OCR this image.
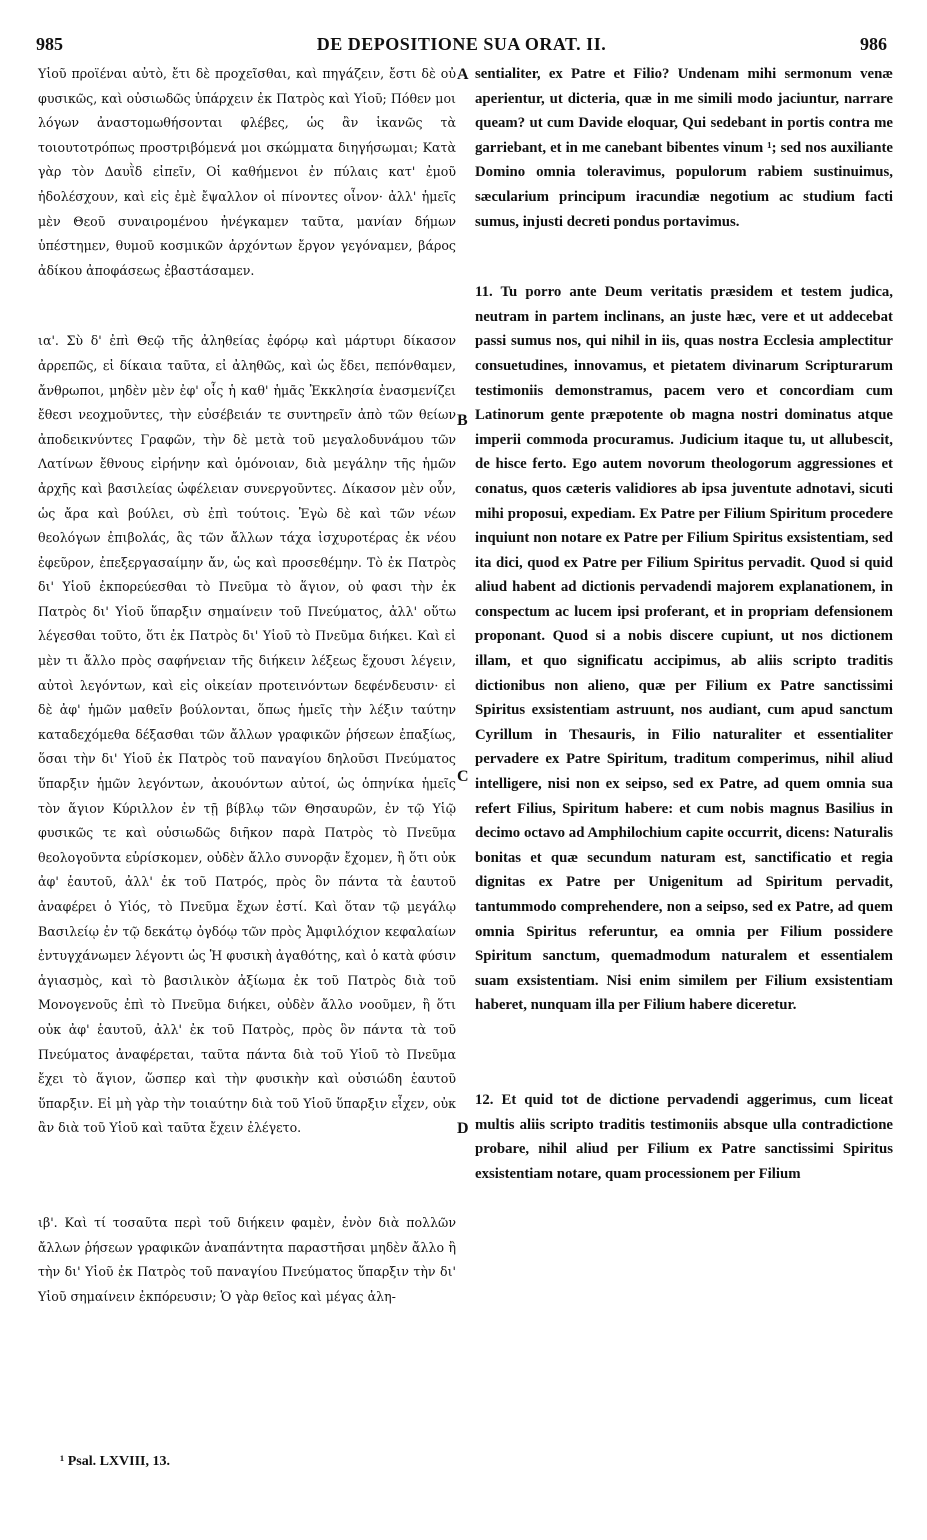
985	DE DEPOSITIONE SUA ORAT. II.	986

Υἱοῦ προϊέναι αὐτὸ, ἔτι δὲ προχεῖσθαι, καὶ πηγάζειν, ἔστι δὲ οὐ φυσικῶς, καὶ οὐσιωδῶς ὑπάρχειν ἐκ Πατρὸς καὶ Υἱοῦ; Πόθεν μοι λόγων ἀναστομωθήσονται φλέβες, ὡς ἂν ἱκανῶς τὰ τοιουτοτρόπως προστριβόμενά μοι σκώμματα διηγήσωμαι; Κατὰ γὰρ τὸν Δαυῒδ εἰπεῖν, Οἱ καθήμενοι ἐν πύλαις κατ' ἐμοῦ ἠδολέσχουν, καὶ εἰς ἐμὲ ἔψαλλον οἱ πίνοντες οἶνον· ἀλλ' ἡμεῖς μὲν Θεοῦ συναιρομένου ἠνέγκαμεν ταῦτα, μανίαν δήμων ὑπέστημεν, θυμοῦ κοσμικῶν ἀρχόντων ἔργον γεγόναμεν, βάρος ἀδίκου ἀποφάσεως ἐβαστάσαμεν.

ια'. Σὺ δ' ἐπὶ Θεῷ τῆς ἀληθείας ἐφόρῳ καὶ μάρτυρι δίκασον ἀρρεπῶς, εἰ δίκαια ταῦτα, εἰ ἀληθῶς, καὶ ὡς ἔδει, πεπόνθαμεν, ἄνθρωποι, μηδὲν μὲν ἐφ' οἷς ἡ καθ' ἡμᾶς Ἐκκλησία ἐνασμενίζει ἔθεσι νεοχμοῦντες, τὴν εὐσέβειάν τε συντηρεῖν ἀπὸ τῶν θείων ἀποδεικνύντες Γραφῶν, τὴν δὲ μετὰ τοῦ μεγαλοδυνάμου τῶν Λατίνων ἔθνους εἰρήνην καὶ ὁμόνοιαν, διὰ μεγάλην τῆς ἡμῶν ἀρχῆς καὶ βασιλείας ὠφέλειαν συνεργοῦντες. Δίκασον μὲν οὖν, ὡς ἄρα καὶ βούλει, σὺ ἐπὶ τούτοις. Ἐγὼ δὲ καὶ τῶν νέων θεολόγων ἐπιβολάς, ἃς τῶν ἄλλων τάχα ἰσχυροτέρας ἐκ νέου ἐφεῦρον, ἐπεξεργασαίμην ἄν, ὡς καὶ προσεθέμην. Τὸ ἐκ Πατρὸς δι' Υἱοῦ ἐκπορεύεσθαι τὸ Πνεῦμα τὸ ἅγιον, οὐ φασι τὴν ἐκ Πατρὸς δι' Υἱοῦ ὕπαρξιν σημαίνειν τοῦ Πνεύματος, ἀλλ' οὕτω λέγεσθαι τοῦτο, ὅτι ἐκ Πατρὸς δι' Υἱοῦ τὸ Πνεῦμα διήκει. Καὶ εἰ μὲν τι ἄλλο πρὸς σαφήνειαν τῆς διήκειν λέξεως ἔχουσι λέγειν, αὐτοὶ λεγόντων, καὶ εἰς οἰκείαν προτεινόντων δεφένδευσιν· εἰ δὲ ἀφ' ἡμῶν μαθεῖν βούλονται, ὅπως ἡμεῖς τὴν λέξιν ταύτην καταδεχόμεθα δέξασθαι τῶν ἄλλων γραφικῶν ῥήσεων ἐπαξίως, ὅσαι τὴν δι' Υἱοῦ ἐκ Πατρὸς τοῦ παναγίου δηλοῦσι Πνεύματος ὕπαρξιν ἡμῶν λεγόντων, ἀκουόντων αὐτοί, ὡς ὁπηνίκα ἡμεῖς τὸν ἅγιον Κύριλλον ἐν τῇ βίβλῳ τῶν Θησαυρῶν, ἐν τῷ Υἱῷ φυσικῶς τε καὶ οὐσιωδῶς διῆκον παρὰ Πατρὸς τὸ Πνεῦμα θεολογοῦντα εὑρίσκομεν, οὐδὲν ἄλλο συνορᾷν ἔχομεν, ἢ ὅτι οὐκ ἀφ' ἑαυτοῦ, ἀλλ' ἐκ τοῦ Πατρός, πρὸς ὃν πάντα τὰ ἑαυτοῦ ἀναφέρει ὁ Υἱός, τὸ Πνεῦμα ἔχων ἐστί. Καὶ ὅταν τῷ μεγάλῳ Βασιλείῳ ἐν τῷ δεκάτῳ ὀγδόῳ τῶν πρὸς Ἀμφιλόχιον κεφαλαίων ἐντυγχάνωμεν λέγοντι ὡς Ἡ φυσικὴ ἀγαθότης, καὶ ὁ κατὰ φύσιν ἁγιασμὸς, καὶ τὸ βασιλικὸν ἀξίωμα ἐκ τοῦ Πατρὸς διὰ τοῦ Μονογενοῦς ἐπὶ τὸ Πνεῦμα διήκει, οὐδὲν ἄλλο νοοῦμεν, ἢ ὅτι οὐκ ἀφ' ἑαυτοῦ, ἀλλ' ἐκ τοῦ Πατρὸς, πρὸς ὃν πάντα τὰ τοῦ Πνεύματος ἀναφέρεται, ταῦτα πάντα διὰ τοῦ Υἱοῦ τὸ Πνεῦμα ἔχει τὸ ἅγιον, ὥσπερ καὶ τὴν φυσικὴν καὶ οὐσιώδη ἑαυτοῦ ὕπαρξιν. Εἰ μὴ γὰρ τὴν τοιαύτην διὰ τοῦ Υἱοῦ ὕπαρξιν εἶχεν, οὐκ ἂν διὰ τοῦ Υἱοῦ καὶ ταῦτα ἔχειν ἐλέγετο.

ιβ'. Καὶ τί τοσαῦτα περὶ τοῦ διήκειν φαμὲν, ἐνὸν διὰ πολλῶν ἄλλων ῥήσεων γραφικῶν ἀναπάντητα παραστῆσαι μηδὲν ἄλλο ἢ τὴν δι' Υἱοῦ ἐκ Πατρὸς τοῦ παναγίου Πνεύματος ὕπαρξιν τὴν δι' Υἱοῦ σημαίνειν ἐκπόρευσιν; Ὁ γὰρ θεῖος καὶ μέγας ἀλη-

A
B
C
D

sentialiter, ex Patre et Filio? Undenam mihi sermonum venæ aperientur, ut dicteria, quæ in me simili modo jaciuntur, narrare queam? ut cum Davide eloquar, Qui sedebant in portis contra me garriebant, et in me canebant bibentes vinum ¹; sed nos auxiliante Domino omnia toleravimus, populorum rabiem sustinuimus, sæcularium principum iracundiæ negotium ac studium facti sumus, injusti decreti pondus portavimus.

11. Tu porro ante Deum veritatis præsidem et testem judica, neutram in partem inclinans, an juste hæc, vere et ut addecebat passi sumus nos, qui nihil in iis, quas nostra Ecclesia amplectitur consuetudines, innovamus, et pietatem divinarum Scripturarum testimoniis demonstramus, pacem vero et concordiam cum Latinorum gente præpotente ob magna nostri dominatus atque imperii commoda procuramus. Judicium itaque tu, ut allubescit, de hisce ferto. Ego autem novorum theologorum aggressiones et conatus, quos cæteris validiores ab ipsa juventute adnotavi, sicuti mihi proposui, expediam. Ex Patre per Filium Spiritum procedere inquiunt non notare ex Patre per Filium Spiritus exsistentiam, sed ita dici, quod ex Patre per Filium Spiritus pervadit. Quod si quid aliud habent ad dictionis pervadendi majorem explanationem, in conspectum ac lucem ipsi proferant, et in propriam defensionem proponant. Quod si a nobis discere cupiunt, ut nos dictionem illam, et quo significatu accipimus, ab aliis scripto traditis dictionibus non alieno, quæ per Filium ex Patre sanctissimi Spiritus exsistentiam astruunt, nos audiant, cum apud sanctum Cyrillum in Thesauris, in Filio naturaliter et essentialiter pervadere ex Patre Spiritum, traditum comperimus, nihil aliud intelligere, nisi non ex seipso, sed ex Patre, ad quem omnia sua refert Filius, Spiritum habere: et cum nobis magnus Basilius in decimo octavo ad Amphilochium capite occurrit, dicens: Naturalis bonitas et quæ secundum naturam est, sanctificatio et regia dignitas ex Patre per Unigenitum ad Spiritum pervadit, tantummodo comprehendere, non a seipso, sed ex Patre, ad quem omnia Spiritus referuntur, ea omnia per Filium possidere Spiritum sanctum, quemadmodum naturalem et essentialem suam exsistentiam. Nisi enim similem per Filium exsistentiam haberet, nunquam illa per Filium habere diceretur.

12. Et quid tot de dictione pervadendi aggerimus, cum liceat multis aliis scripto traditis testimoniis absque ulla contradictione probare, nihil aliud per Filium ex Patre sanctissimi Spiritus exsistentiam notare, quam processionem per Filium

¹ Psal. LXVIII, 13.
